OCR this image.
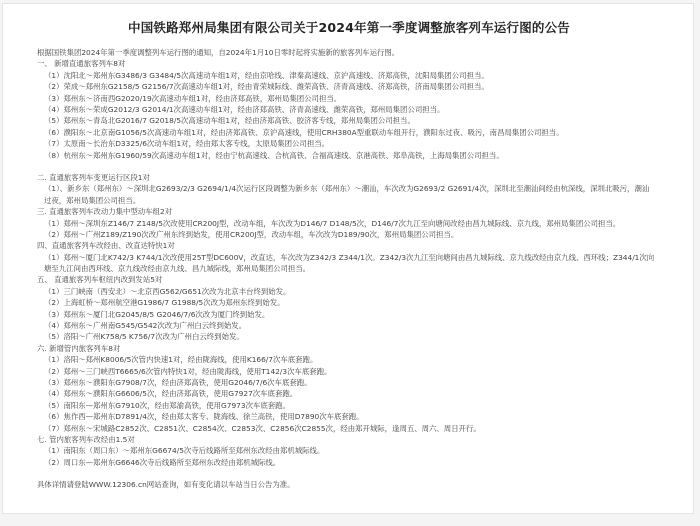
中国铁路郑州局集团有限公司关于2024年第一季度调整旅客列车运行图的公告
根据国铁集团2024年第一季度调整列车运行图的通知，自2024年1月10日零时起将实施新的旅客列车运行图。
一、 新增直通旅客列车8对
（1）沈阳北～郑州东G3486/3 G3484/5次高速动车组1对，经由京哈线、津秦高速线、京沪高速线、济郑高铁，沈阳局集团公司担当。
（2）荣成～郑州东G2158/5 G2156/7次高速动车组1对，经由青荣城际线、潍荣高铁、济青高速线、济郑高铁，济南局集团公司担当。
（3）郑州东～济南西G2020/19次高速动车组1对，经由济郑高铁，郑州局集团公司担当。
（4）郑州东～荣成G2012/3 G2014/1次高速动车组1对，经由济郑高铁、济青高速线、潍荣高铁，郑州局集团公司担当。
（5）郑州东～青岛北G2016/7 G2018/5次高速动车组1对，经由济郑高铁、胶济客专线，郑州局集团公司担当。
（6）濮阳东～北京南G1056/5次高速动车组1对，经由济郑高铁、京沪高速线，使用CRH380A型重联动车组开行，濮阳东过夜、吸污，南昌局集团公司担当。
（7）太原南～长治东D3325/6次动车组1对，经由郑太客专线，太原局集团公司担当。
（8）杭州东～郑州东G1960/59次高速动车组1对，经由宁杭高速线、合杭高铁、合福高速线、京港高铁、郑阜高铁，上海局集团公司担当。
二. 直通旅客列车变更运行区段1对
（1）、新乡东（郑州东）～深圳北G2693/2/3 G2694/1/4次运行区段调整为新乡东（郑州东）～潮汕，车次改为G2693/2 G2691/4次，深圳北至潮汕间经由杭深线，深圳北吸污，潮汕过夜，郑州局集团公司担当。
三. 直通旅客列车改动力集中型动车组2对
（1）郑州～深圳东Z146/7 Z148/5次改使用CR200J型，改动车组，车次改为D146/7 D148/5次，D146/7次九江至向塘间改经由昌九城际线、京九线，郑州局集团公司担当。
（2）郑州～广州Z189/Z190次改广州东终到始发，使用CR200J型，改动车组，车次改为D189/90次，郑州局集团公司担当。
四、直通旅客列车改经由、改直达特快1对
（1）郑州～厦门北K742/3 K744/1次改使用25T型DC600V，改直达，车次改为Z342/3 Z344/1次。Z342/3次九江至向塘间由昌九城际线、京九线改经由京九线、西环线；Z344/1次向塘至九江间由西环线、京九线改经由京九线、昌九城际线，郑州局集团公司担当。
五、 直通旅客列车枢纽内改到发站5对
（1）三门峡南（西安北）～北京西G562/G651次改为北京丰台终到始发。
（2）上海虹桥～郑州航空港G1986/7 G1988/5次改为郑州东终到始发。
（3）郑州东～厦门北G2045/8/5 G2046/7/6次改为厦门终到始发。
（4）郑州东～广州南G545/G542次改为广州白云终到始发。
（5）洛阳～广州K758/5 K756/7次改为广州白云终到始发。
六. 新增管内旅客列车8对
（1）洛阳～郑州K8006/5次管内快速1对，经由陇海线，使用K166/7次车底套跑。
（2）郑州～三门峡西T6665/6次管内特快1对，经由陇海线，使用T142/3次车底套跑。
（3）郑州东～濮阳东G7908/7次，经由济郑高铁，使用G2046/7/6次车底套跑。
（4）郑州东～濮阳东G6606/5次，经由济郑高铁，使用G7927次车底套跑。
（5）南阳东—郑州东G7910次，经由郑渝高铁，使用G7973次车底套跑。
（6）焦作西—郑州东D7891/4次，经由郑太客专、陇海线、徐兰高铁，使用D7890次车底套跑。
（7）郑州东～宋城路C2852次、C2851次、C2854次、C2853次、C2856次C2855次，经由郑开城际，逢周五、周六、周日开行。
七. 管内旅客列车改经由1.5对
（1）南阳东（周口东）～郑州东G6674/5次寺后线路所至郑州东改经由郑机城际线。
（2）周口东—郑州东G6646次寺后线路所至郑州东改经由郑机城际线。
具体详情请登陆WWW.12306.cn网站查询，如有变化请以车站当日公告为准。
